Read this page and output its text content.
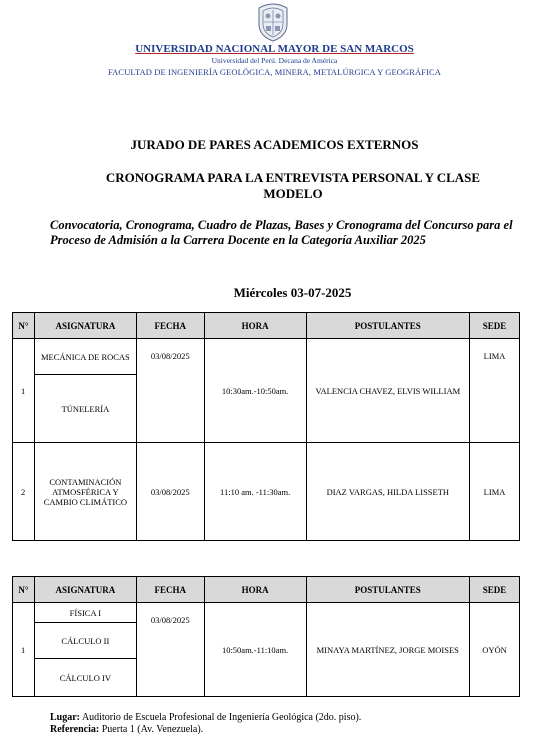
UNIVERSIDAD NACIONAL MAYOR DE SAN MARCOS
Universidad del Perú. Decana de América
FACULTAD DE INGENIERÍA GEOLÓGICA, MINERA, METALÚRGICA Y GEOGRÁFICA
JURADO DE PARES ACADEMICOS EXTERNOS
CRONOGRAMA PARA LA ENTREVISTA PERSONAL Y CLASE MODELO
Convocatoria, Cronograma, Cuadro de Plazas, Bases y Cronograma del Concurso para el Proceso de Admisión a la Carrera Docente en la Categoría Auxiliar 2025
Miércoles 03-07-2025
N°	ASIGNATURA	FECHA	HORA	POSTULANTES	SEDE
1	MECÁNICA DE ROCAS	03/08/2025	10:30am.-10:50am.	VALENCIA CHAVEZ, ELVIS WILLIAM	LIMA
	TÚNELERÍA				
2	CONTAMINACIÓN ATMOSFÉRICA Y CAMBIO CLIMÁTICO	03/08/2025	11:10 am. -11:30am.	DIAZ VARGAS, HILDA LISSETH	LIMA
N°	ASIGNATURA	FECHA	HORA	POSTULANTES	SEDE
1	FÍSICA I	03/08/2025	10:50am.-11:10am.	MINAYA MARTÍNEZ, JORGE MOISES	OYÓN
	CÁLCULO II				
	CÁLCULO IV				
Lugar: Auditorio de Escuela Profesional de Ingeniería Geológica (2do. piso).
Referencia: Puerta 1 (Av. Venezuela).
